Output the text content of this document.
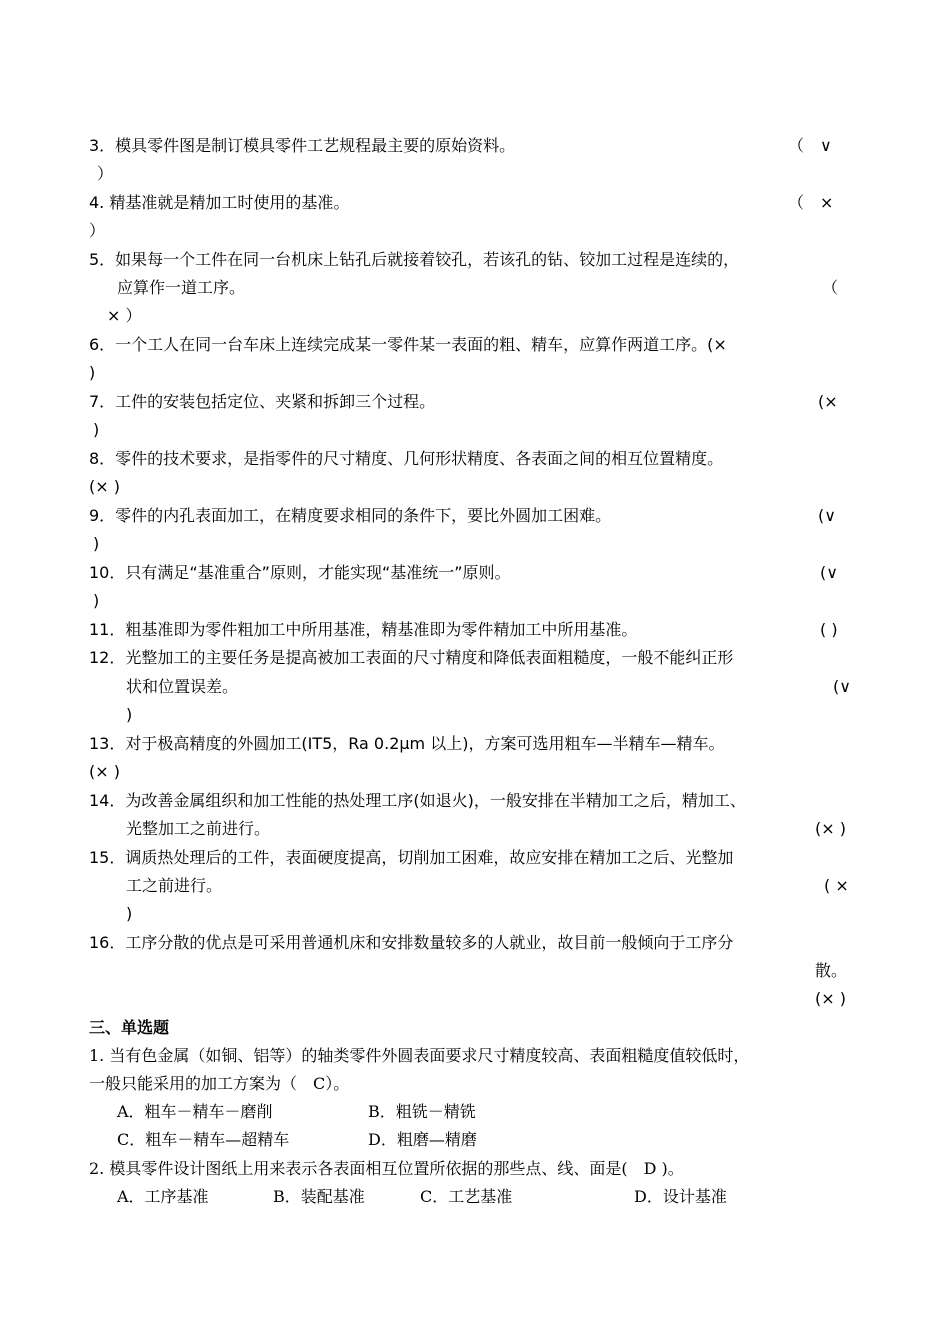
3．模具零件图是制订模具零件工艺规程最主要的原始资料。	（　∨
）
4. 精基准就是精加工时使用的基准。	（　×
）
5．如果每一个工件在同一台机床上钻孔后就接着铰孔，若该孔的钻、铰加工过程是连续的，
应算作一道工序。	（
× ）
6．一个工人在同一台车床上连续完成某一零件某一表面的粗、精车，应算作两道工序。(×
)
7．工件的安装包括定位、夹紧和拆卸三个过程。	(×
)
8．零件的技术要求，是指零件的尺寸精度、几何形状精度、各表面之间的相互位置精度。
(× )
9．零件的内孔表面加工，在精度要求相同的条件下，要比外圆加工困难。	(∨
)
10．只有满足“基准重合”原则，才能实现“基准统一”原则。	(∨
)
11．粗基准即为零件粗加工中所用基准，精基准即为零件精加工中所用基准。	( )
12．光整加工的主要任务是提高被加工表面的尺寸精度和降低表面粗糙度，一般不能纠正形
状和位置误差。	(∨
)
13．对于极高精度的外圆加工(IT5，Ra 0.2μm 以上)，方案可选用粗车—半精车—精车。
(× )
14．为改善金属组织和加工性能的热处理工序(如退火)，一般安排在半精加工之后，精加工、
光整加工之前进行。	(× )
15．调质热处理后的工件，表面硬度提高，切削加工困难，故应安排在精加工之后、光整加
工之前进行。	( ×
)
16．工序分散的优点是可采用普通机床和安排数量较多的人就业，故目前一般倾向于工序分
散。
(× )
三、单选题
1. 当有色金属（如铜、铝等）的轴类零件外圆表面要求尺寸精度较高、表面粗糙度值较低时，
一般只能采用的加工方案为（　C）。
A．粗车－精车－磨削	B．粗铣－精铣
C．粗车－精车—超精车	D．粗磨—精磨
2. 模具零件设计图纸上用来表示各表面相互位置所依据的那些点、线、面是(　D )。
A．工序基准	B．装配基准	C．工艺基准	D．设计基准
